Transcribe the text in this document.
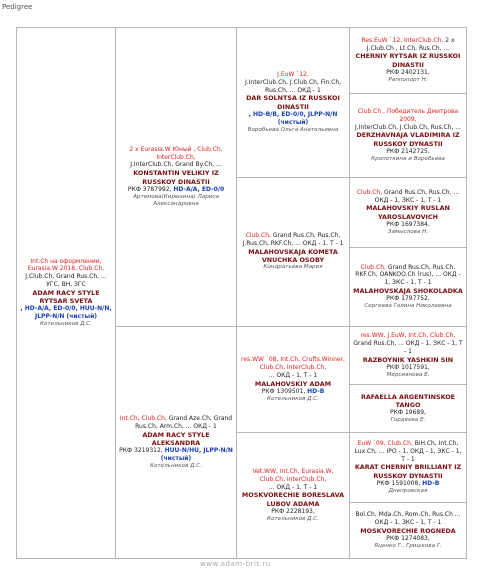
Pedigree
Int.Ch на оформлении, Eurasia.W 2018, Club.Ch,
J.Club.Ch, Grand Rus.Ch, ... УГС, ВН, ЗГС
ADAM RACY STYLE RYTSAR SVETA
, HD-A/A, ED-0/0, HUU-N/N, JLPP-N/N (чистый)
Котельников Д.С.	2 x Eurasia.W Юный , Club.Ch, InterClub.Ch,
J.InterClub.Ch, Grand By.Ch, ...
KONSTANTIN VELIKIY IZ RUSSKOY DINASTII
РКФ 3787992, HD-A/A, ED-0/0
Артемова(Кирюхина) Лариса Александровна	J.EuW `12,
J.InterClub.Ch, J.Club.Ch, Fin.Ch, Rus.Ch, ... ОКД - 1
DAR SOLNTSA IZ RUSSKOI DINASTII
, HD-B/B, ED-0/0, JLPP-N/N (чистый)
Воробьева Ольга Анатольевна	Res.EuW `12, InterClub.Ch, 2 x J.Club.Ch , Lt.Ch, Rus.Ch, ...
CHERNIY RYTSAR IZ RUSSKOI DINASTII
РКФ 2402131,
Раппопорт Н.

			Club.Ch , Победитель Дмитрова 2009,
J.InterClub.Ch, J.Club.Ch, Rus.Ch, ...
DERZHAVNAJA VLADIMIRA IZ RUSSKOY DYNASTII
РКФ 2142725,
Кропоткина и Воробьева

		Club.Ch, Grand Rus.Ch, Rus.Ch, J.Rus.Ch, RKF.Ch, ... ОКД - 1, Т - 1
MALAHOVSKAJA KOMETA VNUCHKA OSOBY
Кондратьева Мария	Club.Ch, Grand Rus.Ch, Rus.Ch, ... ОКД - 1, ЗКС - 1, Т - 1
MALAHOVSKIY RUSLAN YAROSLAVOVICH
РКФ 1697384,
Замыслова Н.

			Club.Ch, Grand Rus.Ch, Rus.Ch, RKF.Ch, OANKOO.Ch (rus), ... ОКД - 1, ЗКС - 1, Т - 1
MALAHOVSKAJA SHOKOLADKA
РКФ 1797752,
Сергеева Галина Николаевна

	Int.Ch, Club.Ch, Grand Aze.Ch, Grand Rus.Ch, Arm.Ch, ... ОКД - 1
ADAM RACY STYLE ALEKSANDRA
РКФ 3219312, HUU-N/HU, JLPP-N/N (чистый)
Котельников Д.С.	res.WW `08, Int.Ch, Crufts.Winner, Club.Ch, InterClub.Ch,
... ОКД - 1, Т - 1
MALAHOVSKIY ADAM
РКФ 1309501, HD-B
Котельников Д.С.	res.WW, J.EuW, Int.Ch, Club.Ch, Grand Rus.Ch, ... ОКД - 1, ЗКС - 1, Т - 1
RAZBOYNIK YASHKIN SIN
РКФ 1017591,
Мерсиянова Е.

			RAFAELLA ARGENTINSKOE TANGO
РКФ 19689,
Гордеева Е.

		Vet.WW, Int.Ch, Eurasia.W, Club.Ch, InterClub.Ch,
... ОКД - 1, Т - 1
MOSKVORECHIE BORESLAVA LUBOV ADAMA
РКФ 2228193,
Котельников Д.С.	EuW `09, Club.Ch, BiH.Ch, Int.Ch, Lux.Ch, ... IPO - 1, ОКД - 1, ЗКС - 1, Т - 1
KARAT CHERNIY BRILLIANT IZ RUSSKOY DYNASTII
РКФ 1591008, HD-B
Днепровская

			Bol.Ch, Mda.Ch, Rom.Ch, Rus.Ch ... ОКД - 1, ЗКС - 1, Т - 1
MOSKVORECHIE ROGNEDA
РКФ 1274083,
Яценко Г., Гришкова Г.
www.adam-brit.ru
